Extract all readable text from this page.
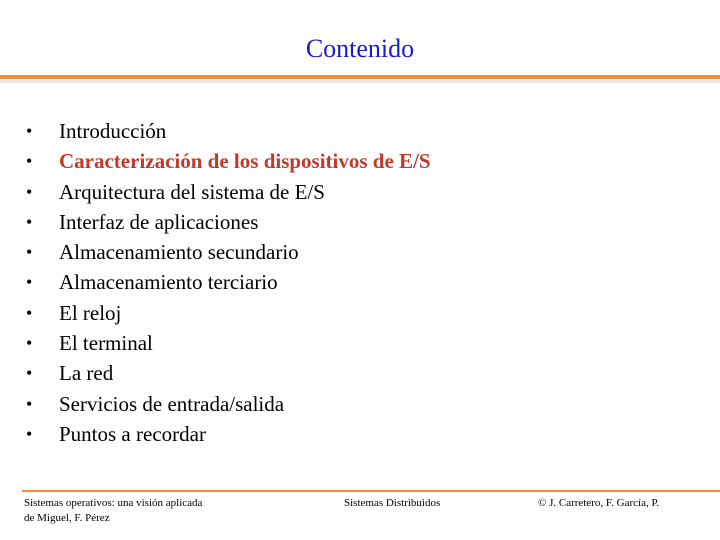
Contenido
• Introducción
• Caracterización de los dispositivos de E/S
• Arquitectura del sistema de E/S
• Interfaz de aplicaciones
• Almacenamiento secundario
• Almacenamiento terciario
• El reloj
• El terminal
• La red
• Servicios de entrada/salida
• Puntos a recordar
Sistemas operativos: una visión aplicada
de Miguel, F. Pérez
Sistemas Distribuidos	© J. Carretero, F. García, P.
